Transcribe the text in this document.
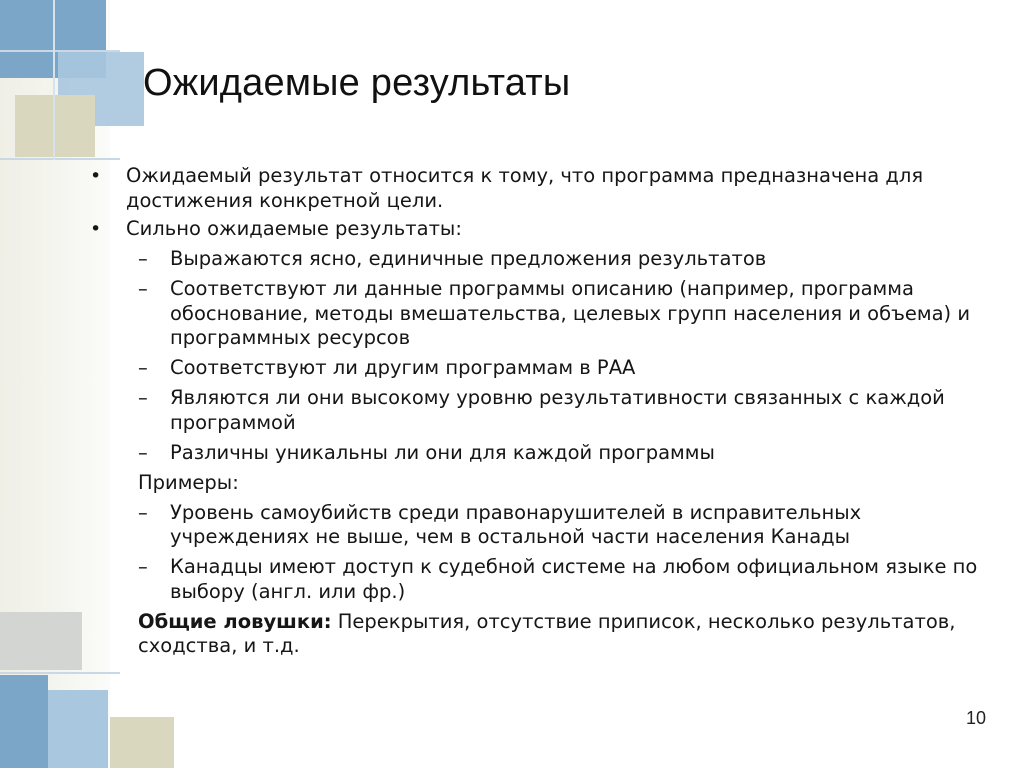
Ожидаемые результаты
•	Ожидаемый результат относится к тому, что программа предназначена для достижения конкретной цели.
•	Сильно ожидаемые результаты:
– Выражаются ясно, единичные предложения результатов
– Соответствуют ли данные программы описанию (например, программа обоснование, методы вмешательства, целевых групп населения и объема) и программных ресурсов
– Соответствуют ли другим программам в РАА
– Являются ли они высокому уровню результативности связанных с каждой программой
– Различны уникальны ли они для каждой программы
Примеры:
– Уровень самоубийств среди правонарушителей в исправительных учреждениях не выше, чем в остальной части населения Канады
– Канадцы имеют доступ к судебной системе на любом официальном языке по выбору (англ. или фр.)
Общие ловушки: Перекрытия, отсутствие приписок, несколько результатов, сходства, и т.д.
10
